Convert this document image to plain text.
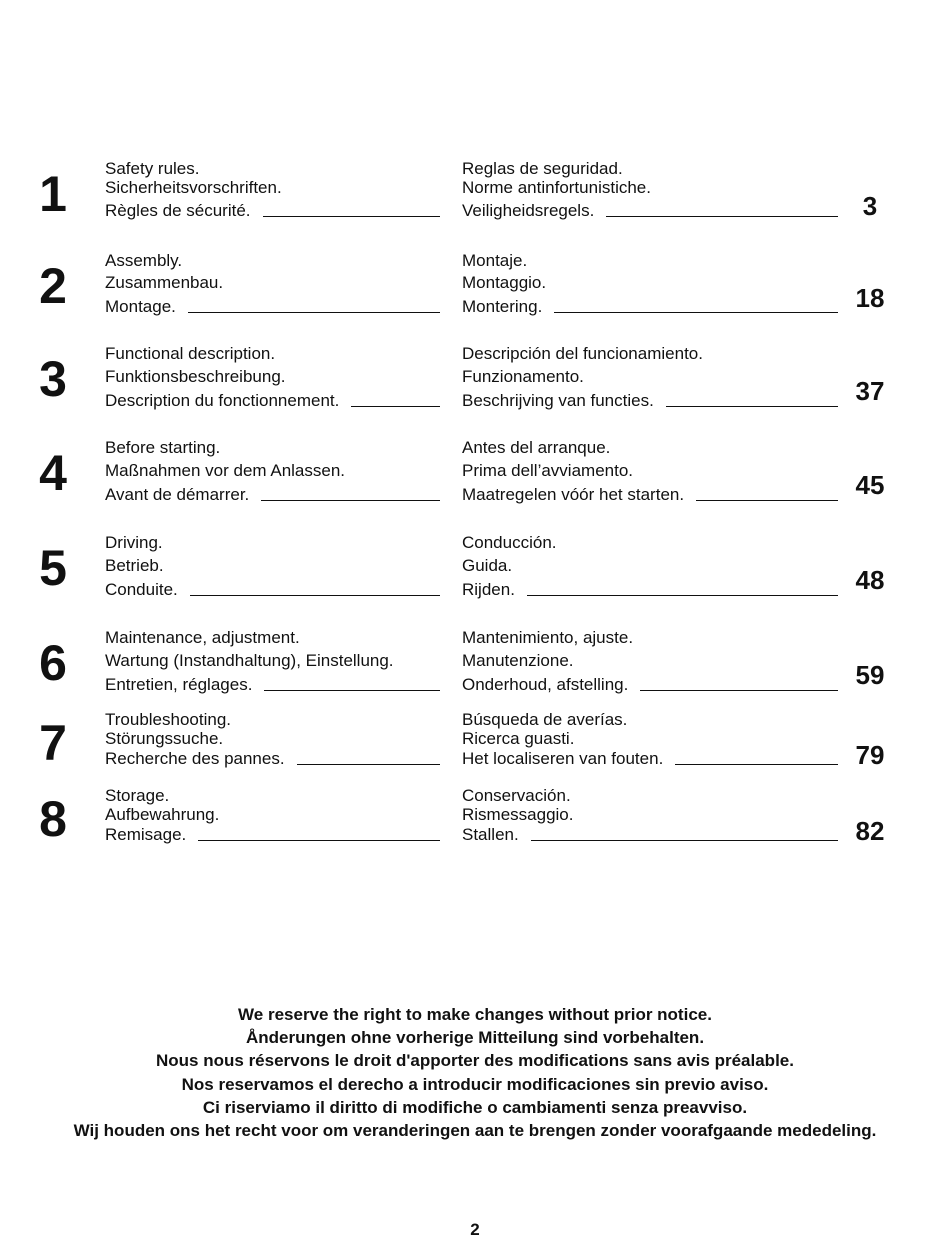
1	Safety rules.
Sicherheitsvorschriften.
Règles de sécurité.
Reglas de seguridad.
Norme antinfortunistiche.
Veiligheidsregels.	3
2	Assembly.
Zusammenbau.
Montage.
Montaje.
Montaggio.
Montering.	18
3	Functional description.
Funktionsbeschreibung.
Description du fonctionnement.
Descripción del funcionamiento.
Funzionamento.
Beschrijving van functies.	37
4	Before starting.
Maßnahmen vor dem Anlassen.
Avant de démarrer.
Antes del arranque.
Prima dell’avviamento.
Maatregelen vóór het starten.	45
5	Driving.
Betrieb.
Conduite.
Conducción.
Guida.
Rijden.	48
6	Maintenance, adjustment.
Wartung (Instandhaltung), Einstellung.
Entretien, réglages.
Mantenimiento, ajuste.
Manutenzione.
Onderhoud, afstelling.	59
7	Troubleshooting.
Störungssuche.
Recherche des pannes.
Búsqueda de averías.
Ricerca guasti.
Het localiseren van fouten.	79
8	Storage.
Aufbewahrung.
Remisage.
Conservación.
Rismessaggio.
Stallen.	82

We reserve the right to make changes without prior notice.

Ånderungen ohne vorherige Mitteilung sind vorbehalten.

Nous nous réservons le droit d'apporter des modifications sans avis préalable.

Nos reservamos el derecho a introducir modificaciones sin previo aviso.

Ci riserviamo il diritto di modifiche o cambiamenti senza preavviso.

Wij houden ons het recht voor om veranderingen aan te brengen zonder voorafgaande mededeling.

2
